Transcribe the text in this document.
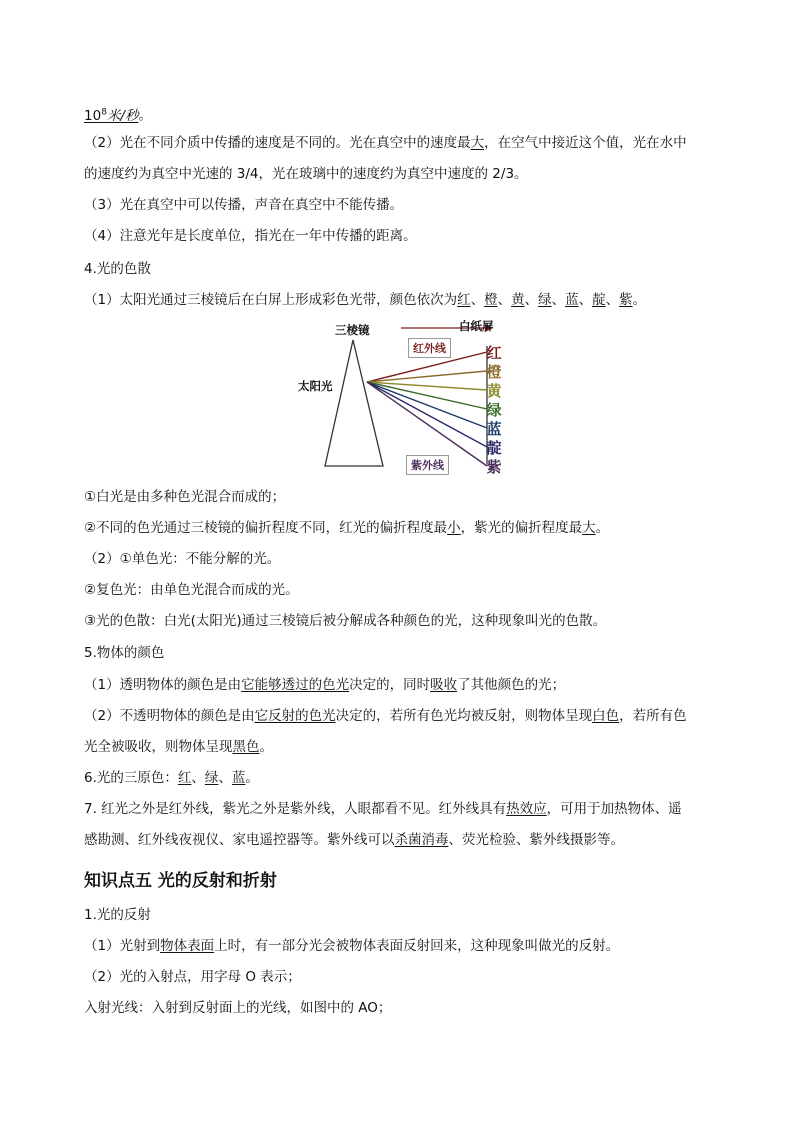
$10^8$米/秒。
（2）光在不同介质中传播的速度是不同的。光在真空中的速度最大，在空气中接近这个值，光在水中
的速度约为真空中光速的 3/4，光在玻璃中的速度约为真空中速度的 2/3。
（3）光在真空中可以传播，声音在真空中不能传播。
（4）注意光年是长度单位，指光在一年中传播的距离。
4.光的色散
（1）太阳光通过三棱镜后在白屏上形成彩色光带，颜色依次为红、橙、黄、绿、蓝、靛、紫。
三棱镜	白纸屏
太阳光
红外线
紫外线
红
橙
黄
绿
蓝
靛
紫
①白光是由多种色光混合而成的；
②不同的色光通过三棱镜的偏折程度不同，红光的偏折程度最小，紫光的偏折程度最大。
（2）①单色光：不能分解的光。
②复色光：由单色光混合而成的光。
③光的色散：白光(太阳光)通过三棱镜后被分解成各种颜色的光，这种现象叫光的色散。
5.物体的颜色
（1）透明物体的颜色是由它能够透过的色光决定的，同时吸收了其他颜色的光；
（2）不透明物体的颜色是由它反射的色光决定的，若所有色光均被反射，则物体呈现白色，若所有色
光全被吸收，则物体呈现黑色。
6.光的三原色：红、绿、蓝。
7. 红光之外是红外线，紫光之外是紫外线，人眼都看不见。红外线具有热效应，可用于加热物体、遥
感勘测、红外线夜视仪、家电遥控器等。紫外线可以杀菌消毒、荧光检验、紫外线摄影等。
知识点五 光的反射和折射
1.光的反射
（1）光射到物体表面上时，有一部分光会被物体表面反射回来，这种现象叫做光的反射。
（2）光的入射点，用字母 O 表示；
入射光线：入射到反射面上的光线，如图中的 AO；
